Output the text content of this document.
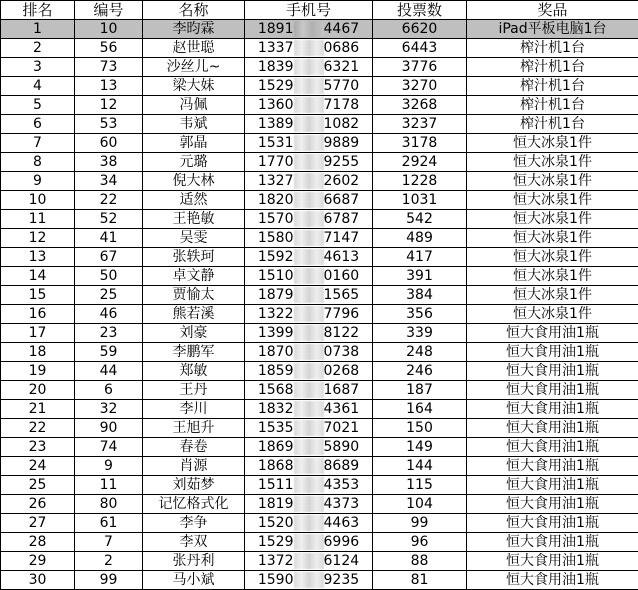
排名	编号	名称	手机号	投票数	奖品
1	10	李昀霖	1891 4467	6620	iPad平板电脑1台
2	56	赵世聪	1337 0686	6443	榨汁机1台
3	73	沙丝儿~	1839 6321	3776	榨汁机1台
4	13	梁大妹	1529 5770	3270	榨汁机1台
5	12	冯佩	1360 7178	3268	榨汁机1台
6	53	韦斌	1389 1082	3237	榨汁机1台
7	60	郭晶	1531 9889	3178	恒大冰泉1件
8	38	元璐	1770 9255	2924	恒大冰泉1件
9	34	倪大林	1327 2602	1228	恒大冰泉1件
10	22	适然	1820 6687	1031	恒大冰泉1件
11	52	王艳敏	1570 6787	542	恒大冰泉1件
12	41	吴雯	1580 7147	489	恒大冰泉1件
13	67	张轶珂	1592 4613	417	恒大冰泉1件
14	50	卓文静	1510 0160	391	恒大冰泉1件
15	25	贾愉太	1879 1565	384	恒大冰泉1件
16	46	熊若溪	1322 7796	356	恒大冰泉1件
17	23	刘豪	1399 8122	339	恒大食用油1瓶
18	59	李鹏军	1870 0738	248	恒大食用油1瓶
19	44	郑敏	1859 0268	246	恒大食用油1瓶
20	6	王丹	1568 1687	187	恒大食用油1瓶
21	32	李川	1832 4361	164	恒大食用油1瓶
22	90	王旭升	1535 7021	150	恒大食用油1瓶
23	74	春卷	1869 5890	149	恒大食用油1瓶
24	9	肖源	1868 8689	144	恒大食用油1瓶
25	11	刘茹梦	1511 4353	115	恒大食用油1瓶
26	80	记忆格式化	1819 4373	104	恒大食用油1瓶
27	61	李争	1520 4463	99	恒大食用油1瓶
28	7	李双	1529 6996	96	恒大食用油1瓶
29	2	张丹利	1372 6124	88	恒大食用油1瓶
30	99	马小斌	1590 9235	81	恒大食用油1瓶
